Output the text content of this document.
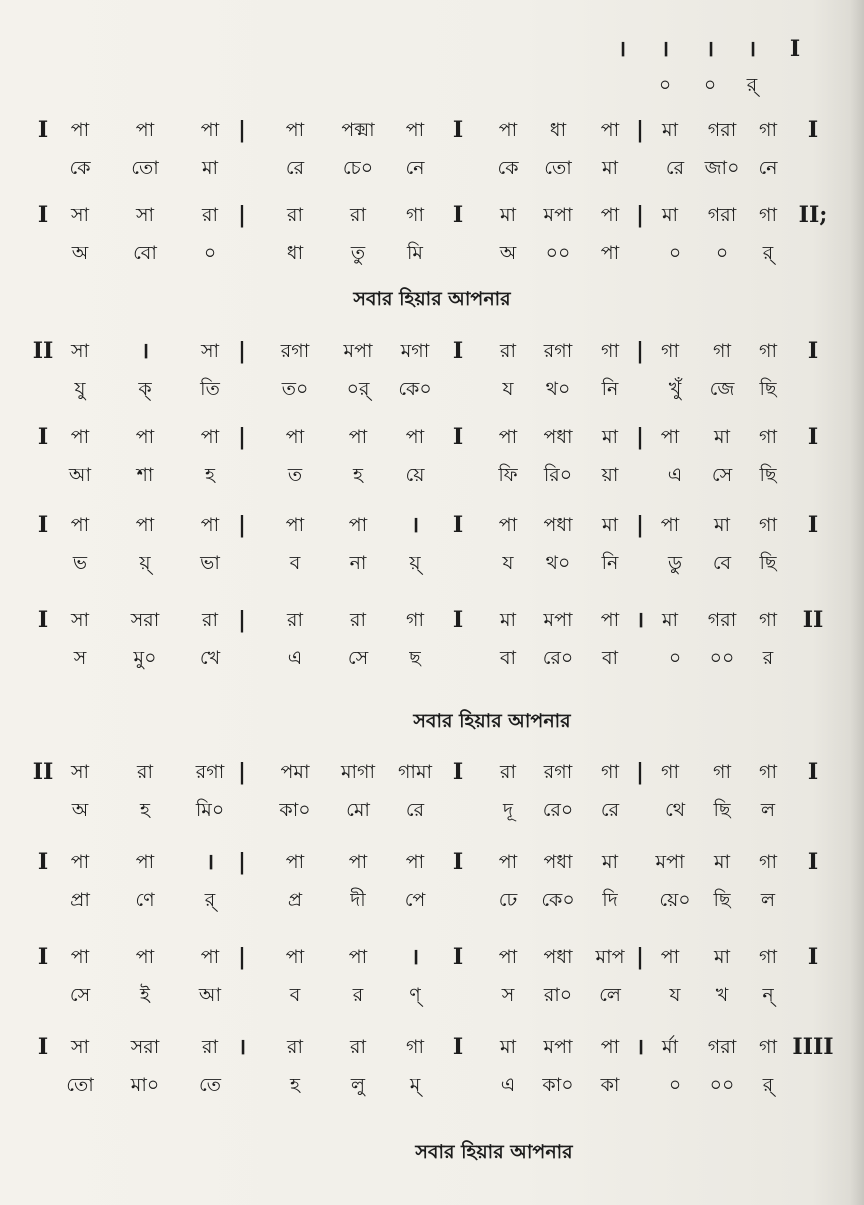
। । । । I
০ ০ র্
I পা পা পা | পা পক্মা পা I পা ধা পা | মা গরা গা I
কে তো মা	রে চে০ নে	কে তো মা	রে জা০ নে
I সা সা	রা | রা রা গা I মা মপা পা | মা গরা গা II;
অ বো ০	ধা	তু মি	অ ০০ পা	০ ০ র্
সবার হিয়ার আপনার
II সা ।	সা | রগা মপা মগা I রা রগা গা | গা গা গা I
যু	ক্	তি	ত০ ০র্ কে০	য থ০ নি	খুঁ জে ছি
I পা পা পা | পা পা পা I পা পধা মা | পা মা গা I
আ শা	হ	ত	হ য়ে	ফি রি০ য়া	এ সে ছি
I পা পা পা | পা পা । I পা পধা মা | পা মা গা I
ভ	য়্	ভা	ব	না য়্	য থ০ নি	ডু বে ছি
I সা সরা রা | রা রা গা I মা মপা পা । মা গরা গা II
স মু০ খে	এ সে ছ	বা রে০ বা	০ ০০ র
সবার হিয়ার আপনার
II সা	রা রগা | পমা মাগা গামা I রা রগা গা | গা গা গা I
অ	হ মি০	কা০ মো রে	দূ রে০ রে থে ছি ল
I পা পা । | পা পা পা I পা পধা মা মপা মা গা I
প্রা ণে	র্	প্র	দী পে	ঢে কে০ দি য়ে০ ছি ল
I পা পা পা | পা পা । I পা পধা মাপ | পা মা গা I
সে	ই	আ	ব	র ণ্	স রা০ লে	য খ ন্
I সা সরা রা । রা রা গা I মা মপা পা । র্মা গরা গা IIII
তো মা০ তে	হ	লু ম্	এ কা০ কা	০ ০০ র্
সবার হিয়ার আপনার
